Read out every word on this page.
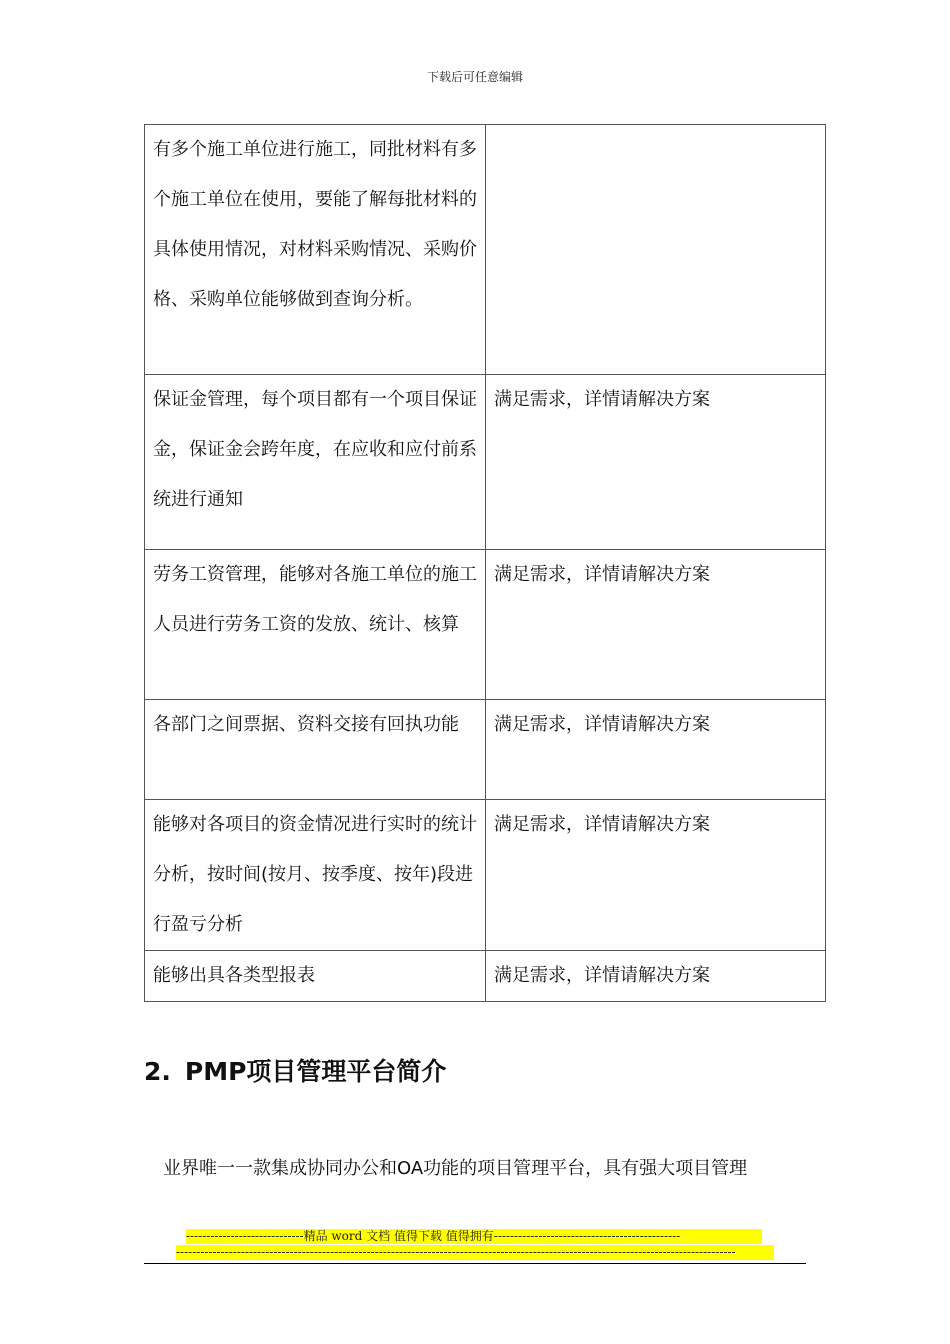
下载后可任意编辑
有多个施工单位进行施工，同批材料有多个施工单位在使用，要能了解每批材料的具体使用情况，对材料采购情况、采购价格、采购单位能够做到查询分析。	
保证金管理，每个项目都有一个项目保证金，保证金会跨年度，在应收和应付前系统进行通知	满足需求，详情请解决方案
劳务工资管理，能够对各施工单位的施工人员进行劳务工资的发放、统计、核算	满足需求，详情请解决方案
各部门之间票据、资料交接有回执功能	满足需求，详情请解决方案
能够对各项目的资金情况进行实时的统计分析，按时间(按月、按季度、按年)段进行盈亏分析	满足需求，详情请解决方案
能够出具各类型报表	满足需求，详情请解决方案
2. PMP项目管理平台简介
业界唯一一款集成协同办公和OA功能的项目管理平台，具有强大项目管理
-----------------------------精品 word 文档 值得下载 值得拥有----------------------------------------------
------------------------------------------------------------------------------------------------------------------------------------------
